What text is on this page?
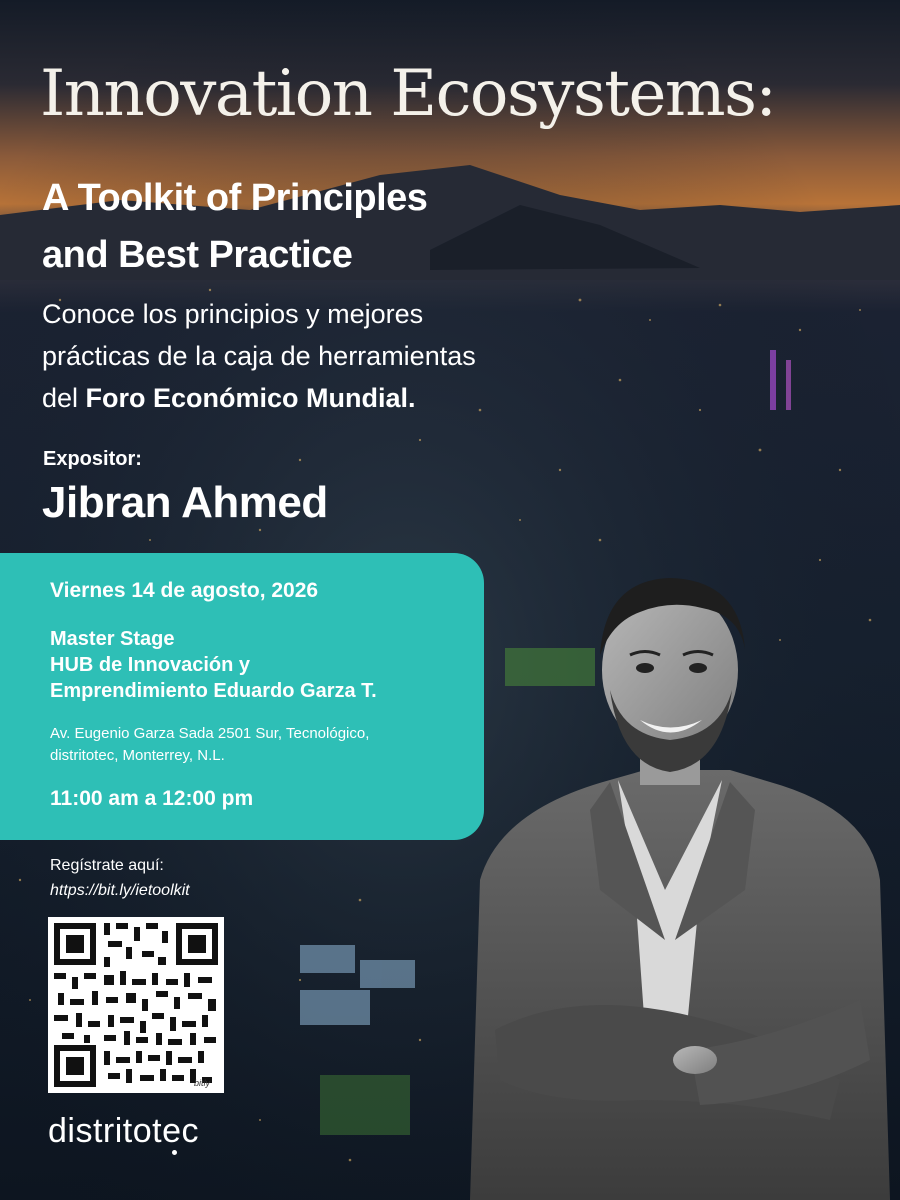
Innovation Ecosystems:
A Toolkit of Principles
and Best Practice

Conoce los principios y mejores
prácticas de la caja de herramientas
del Foro Económico Mundial.

Expositor:
Jibran Ahmed
Viernes 14 de agosto, 2026
Master Stage
HUB de Innovación y
Emprendimiento Eduardo Garza T.
Av. Eugenio Garza Sada 2501 Sur, Tecnológico,
distritotec, Monterrey, N.L.
11:00 am a 12:00 pm
Regístrate aquí:
https://bit.ly/ietoolkit
bitly
distritotec
